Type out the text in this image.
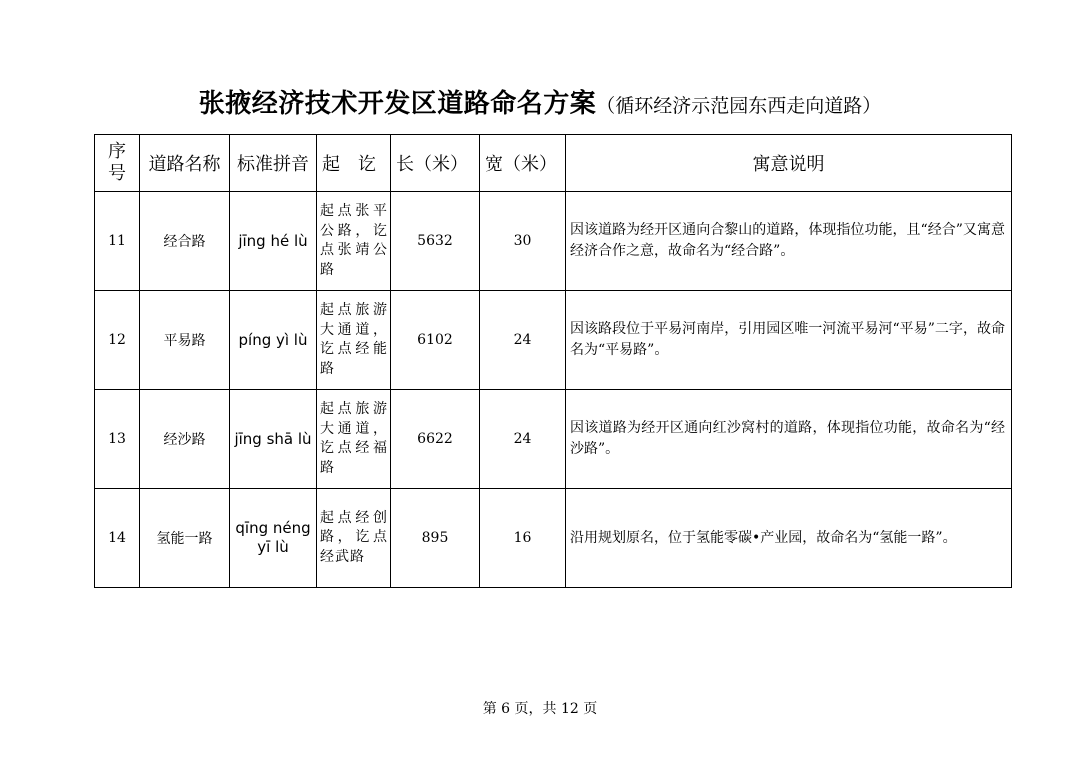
张掖经济技术开发区道路命名方案（循环经济示范园东西走向道路）
序号	道路名称	标准拼音	起　讫	长（米）	宽（米）	寓意说明
11	经合路	jīng hé lù	起点张平公路，讫点张靖公路	5632	30	因该道路为经开区通向合黎山的道路，体现指位功能，且“经合”又寓意经济合作之意，故命名为“经合路”。
12	平易路	píng yì lù	起点旅游大通道，讫点经能路	6102	24	因该路段位于平易河南岸，引用园区唯一河流平易河“平易”二字，故命名为“平易路”。
13	经沙路	jīng shā lù	起点旅游大通道，讫点经福路	6622	24	因该道路为经开区通向红沙窝村的道路，体现指位功能，故命名为“经沙路”。
14	氢能一路	qīng néng yī lù	起点经创路，讫点经武路	895	16	沿用规划原名，位于氢能零碳•产业园，故命名为“氢能一路”。
第 6 页，共 12 页
